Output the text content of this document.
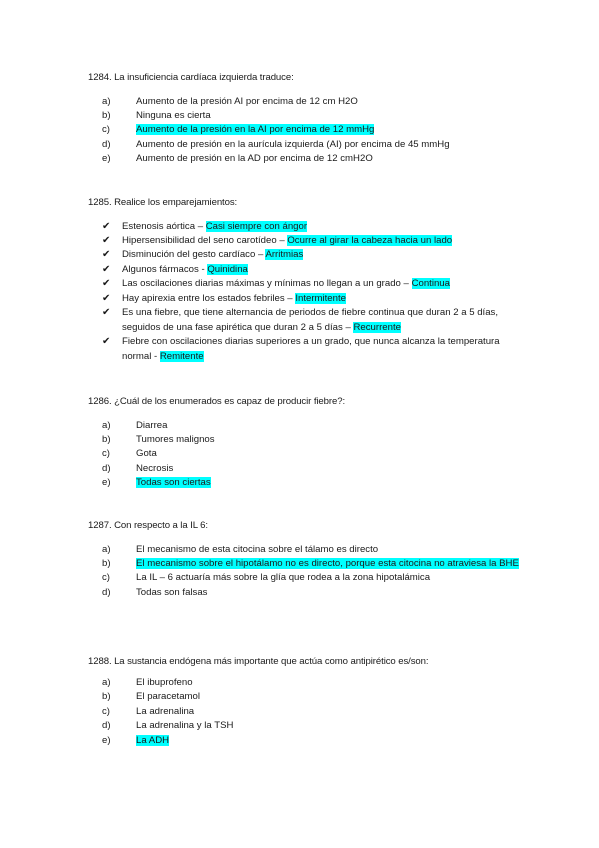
1284. La insuficiencia cardíaca izquierda traduce:
a)	Aumento de la presión AI por encima de 12 cm H2O
b)	Ninguna es cierta
c)	Aumento de la presión en la AI por encima de 12 mmHg
d)	Aumento de presión en la aurícula izquierda (AI) por encima de 45 mmHg
e)	Aumento de presión en la AD por encima de 12 cmH2O
1285. Realice los emparejamientos:
✔ Estenosis aórtica – Casi siempre con ángor
✔ Hipersensibilidad del seno carotídeo – Ocurre al girar la cabeza hacia un lado
✔ Disminución del gesto cardíaco – Arritmias
✔ Algunos fármacos - Quinidina
✔ Las oscilaciones diarias máximas y mínimas no llegan a un grado – Continua
✔ Hay apirexia entre los estados febriles – Intermitente
✔ Es una fiebre, que tiene alternancia de periodos de fiebre continua que duran 2 a 5 días,
seguidos de una fase apirética que duran 2 a 5 días – Recurrente
✔ Fiebre con oscilaciones diarias superiores a un grado, que nunca alcanza la temperatura
normal - Remitente
1286. ¿Cuál de los enumerados es capaz de producir fiebre?:
a)	Diarrea
b)	Tumores malignos
c)	Gota
d)	Necrosis
e)	Todas son ciertas
1287. Con respecto a la IL 6:
a)	El mecanismo de esta citocina sobre el tálamo es directo
b)	El mecanismo sobre el hipotálamo no es directo, porque esta citocina no atraviesa la BHE
c)	La IL – 6 actuaría más sobre la glía que rodea a la zona hipotalámica
d)	Todas son falsas
1288. La sustancia endógena más importante que actúa como antipirético es/son:
a)	El ibuprofeno
b)	El paracetamol
c)	La adrenalina
d)	La adrenalina y la TSH
e)	La ADH
